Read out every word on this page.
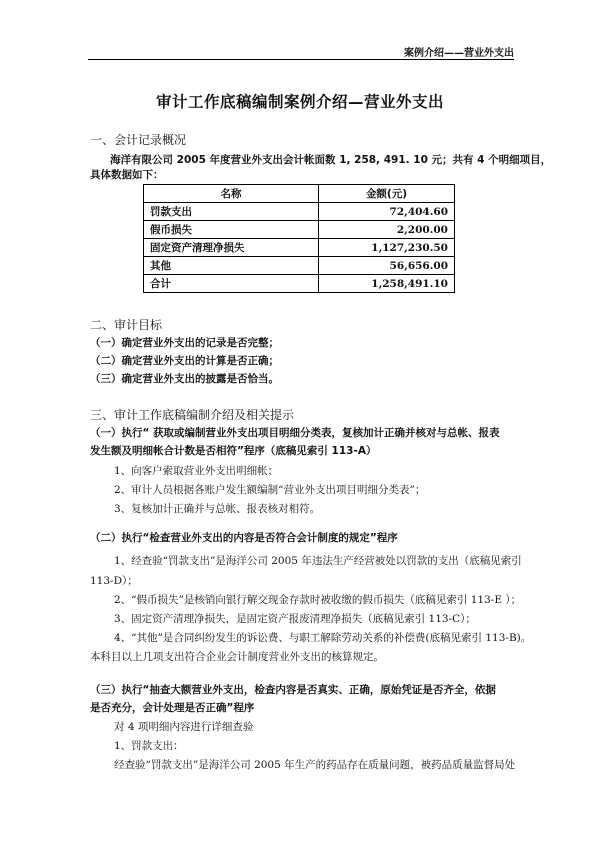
案例介绍——营业外支出
审计工作底稿编制案例介绍—营业外支出
一、会计记录概况
海洋有限公司 2005 年度营业外支出会计帐面数 1, 258, 491. 10 元；共有 4 个明细项目，
具体数据如下：
名称	金额(元)
罚款支出	72,404.60
假币损失	2,200.00
固定资产清理净损失	1,127,230.50
其他	56,656.00
合计	1,258,491.10
二、审计目标
（一）确定营业外支出的记录是否完整；
（二）确定营业外支出的计算是否正确；
（三）确定营业外支出的披露是否恰当。
三、审计工作底稿编制介绍及相关提示
（一）执行“ 获取或编制营业外支出项目明细分类表，复核加计正确并核对与总帐、报表
发生额及明细帐合计数是否相符”程序（底稿见索引 113-A）
1、向客户索取营业外支出明细帐；
2、审计人员根据各账户发生额编制“营业外支出项目明细分类表”；
3、复核加计正确并与总帐、报表核对相符。
（二）执行“检查营业外支出的内容是否符合会计制度的规定”程序
1、经查验“罚款支出”是海洋公司 2005 年违法生产经营被处以罚款的支出（底稿见索引
113-D）；
2、“假币损失”是核销向银行解交现金存款时被收缴的假币损失（底稿见索引 113-E ）；
3、固定资产清理净损失，是固定资产报废清理净损失（底稿见索引 113-C）；
4、“其他”是合同纠纷发生的诉讼费、与职工解除劳动关系的补偿费(底稿见索引 113-B)。
本科目以上几项支出符合企业会计制度营业外支出的核算规定。
（三）执行“抽查大额营业外支出，检查内容是否真实、正确，原始凭证是否齐全，依据
是否充分，会计处理是否正确”程序
对 4 项明细内容进行详细查验
1、罚款支出：
经查验“罚款支出”是海洋公司 2005 年生产的药品存在质量问题，被药品质量监督局处
